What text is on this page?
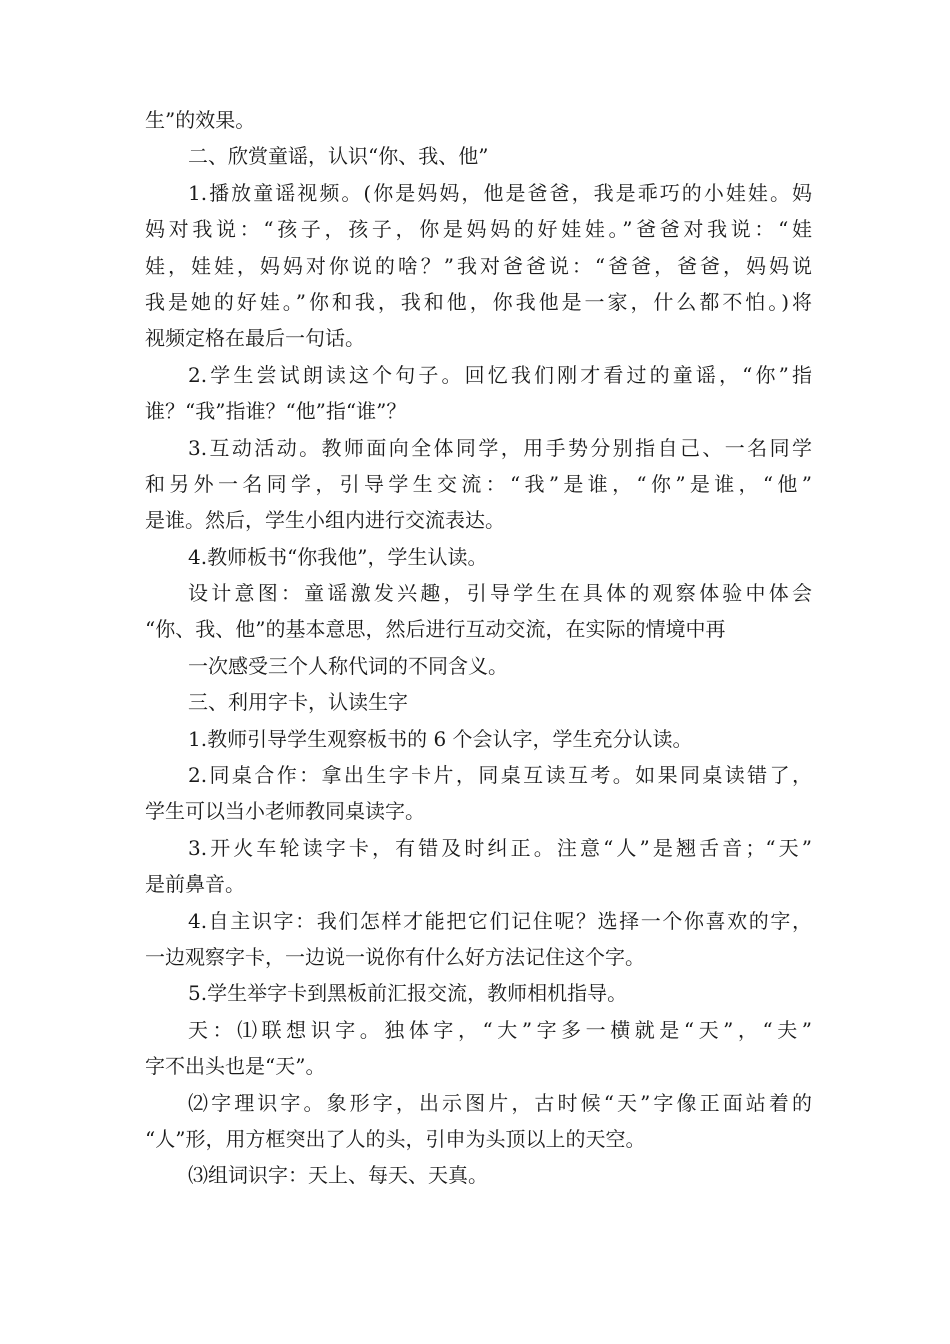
生”的效果。
二、欣赏童谣，认识“你、我、他”
1.播放童谣视频。(你是妈妈，他是爸爸，我是乖巧的小娃娃。妈
妈对我说：“孩子，孩子，你是妈妈的好娃娃。”爸爸对我说：“娃
娃，娃娃，妈妈对你说的啥？”我对爸爸说：“爸爸，爸爸，妈妈说
我是她的好娃。”你和我，我和他，你我他是一家，什么都不怕。)将
视频定格在最后一句话。
2.学生尝试朗读这个句子。回忆我们刚才看过的童谣，“你”指
谁？“我”指谁？“他”指“谁”？
3.互动活动。教师面向全体同学，用手势分别指自己、一名同学
和另外一名同学，引导学生交流：“我”是谁，“你”是谁，“他”
是谁。然后，学生小组内进行交流表达。
4.教师板书“你我他”，学生认读。
设计意图：童谣激发兴趣，引导学生在具体的观察体验中体会
“你、我、他”的基本意思，然后进行互动交流，在实际的情境中再
一次感受三个人称代词的不同含义。
三、利用字卡，认读生字
1.教师引导学生观察板书的 6 个会认字，学生充分认读。
2.同桌合作：拿出生字卡片，同桌互读互考。如果同桌读错了，
学生可以当小老师教同桌读字。
3.开火车轮读字卡，有错及时纠正。注意“人”是翘舌音；“天”
是前鼻音。
4.自主识字：我们怎样才能把它们记住呢？选择一个你喜欢的字，
一边观察字卡，一边说一说你有什么好方法记住这个字。
5.学生举字卡到黑板前汇报交流，教师相机指导。
天：⑴联想识字。独体字，“大”字多一横就是“天”，“夫”
字不出头也是“天”。
⑵字理识字。象形字，出示图片，古时候“天”字像正面站着的
“人”形，用方框突出了人的头，引申为头顶以上的天空。
⑶组词识字：天上、每天、天真。
